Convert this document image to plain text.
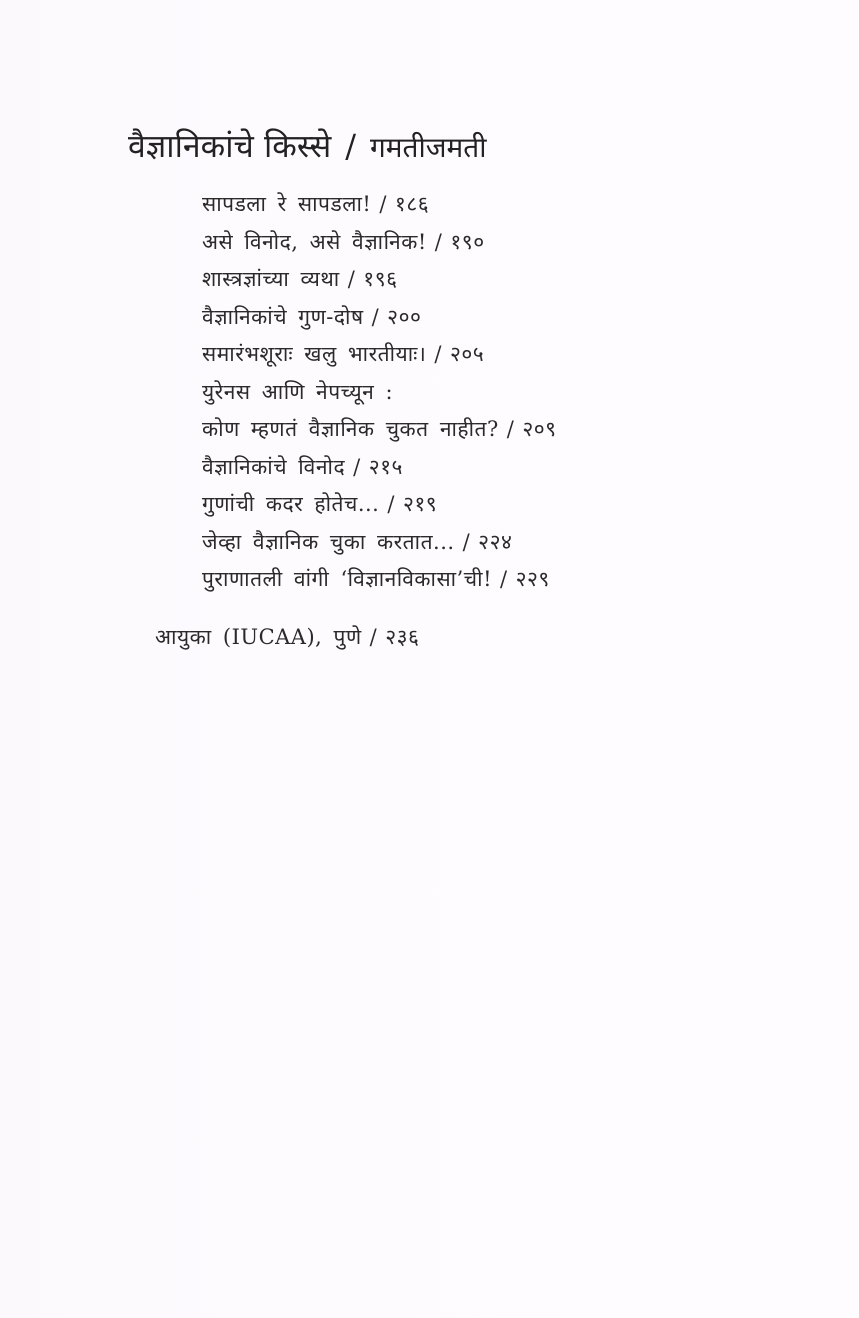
वैज्ञानिकांचे किस्से / गमतीजमती
सापडला रे सापडला! / १८६
असे विनोद, असे वैज्ञानिक! / १९०
शास्त्रज्ञांच्या व्यथा / १९६
वैज्ञानिकांचे गुण-दोष / २००
समारंभशूराः खलु भारतीयाः। / २०५
युरेनस आणि नेपच्यून :
कोण म्हणतं वैज्ञानिक चुकत नाहीत? / २०९
वैज्ञानिकांचे विनोद / २१५
गुणांची कदर होतेच... / २१९
जेव्हा वैज्ञानिक चुका करतात... / २२४
पुराणातली वांगी ‘विज्ञानविकासा’ची! / २२९
आयुका (IUCAA), पुणे / २३६
